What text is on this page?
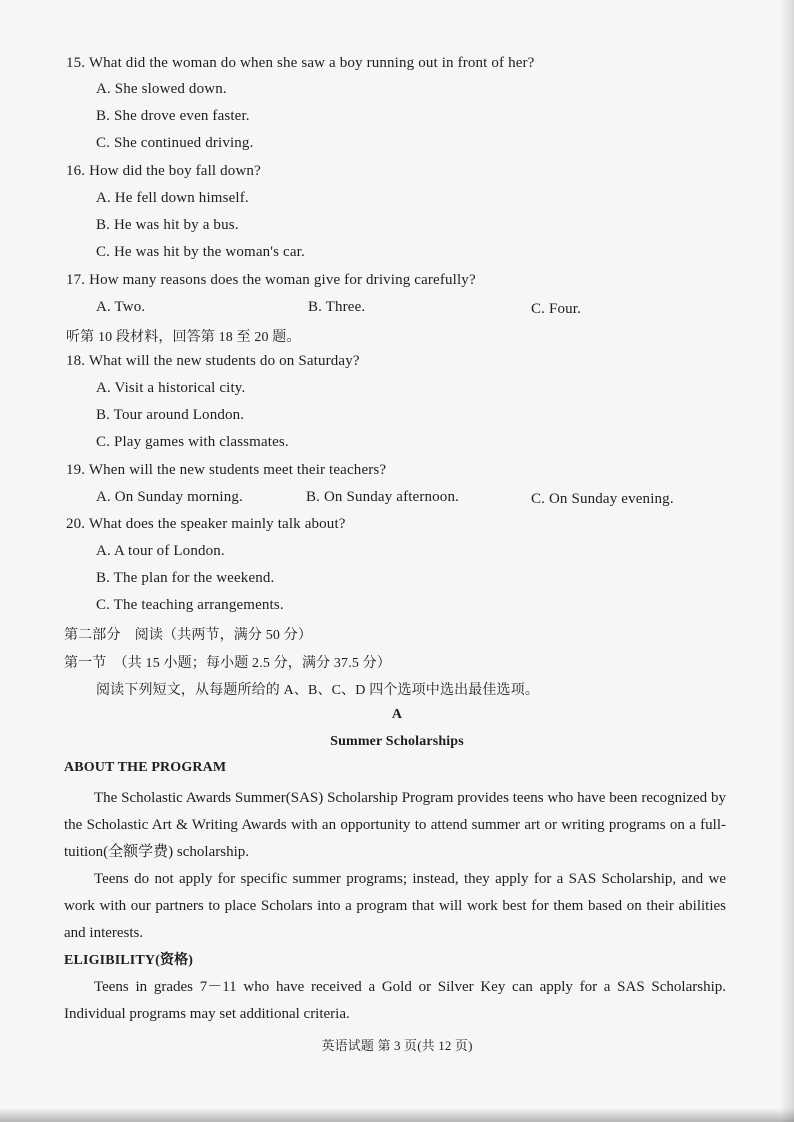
15. What did the woman do when she saw a boy running out in front of her?
A. She slowed down.
B. She drove even faster.
C. She continued driving.
16. How did the boy fall down?
A. He fell down himself.
B. He was hit by a bus.
C. He was hit by the woman's car.
17. How many reasons does the woman give for driving carefully?
A. Two.	B. Three.	C. Four.
听第 10 段材料，回答第 18 至 20 题。
18. What will the new students do on Saturday?
A. Visit a historical city.
B. Tour around London.
C. Play games with classmates.
19. When will the new students meet their teachers?
A. On Sunday morning.	B. On Sunday afternoon.	C. On Sunday evening.
20. What does the speaker mainly talk about?
A. A tour of London.
B. The plan for the weekend.
C. The teaching arrangements.
第二部分　阅读（共两节，满分 50 分）
第一节　（共 15 小题；每小题 2.5 分，满分 37.5 分）
阅读下列短文，从每题所给的 A、B、C、D 四个选项中选出最佳选项。
A
Summer Scholarships
ABOUT THE PROGRAM
The Scholastic Awards Summer(SAS) Scholarship Program provides teens who have been recognized by the Scholastic Art & Writing Awards with an opportunity to attend summer art or writing programs on a full-tuition(全额学费) scholarship.
Teens do not apply for specific summer programs; instead, they apply for a SAS Scholarship, and we work with our partners to place Scholars into a program that will work best for them based on their abilities and interests.
ELIGIBILITY(资格)
Teens in grades 7－11 who have received a Gold or Silver Key can apply for a SAS Scholarship. Individual programs may set additional criteria.
英语试题 第 3 页(共 12 页)
